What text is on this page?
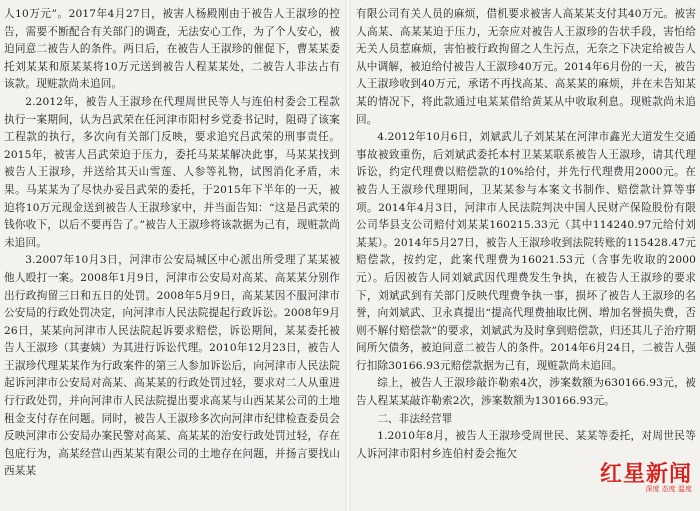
人10万元”。2017年4月27日，被害人杨殿刚由于被告人王淑珍的控告，需要不断配合有关部门的调查，无法安心工作，为了个人安心，被迫同意二被告人的条件。两日后，在被告人王淑珍的催促下，曹某某委托刘某某和原某某将10万元送到被告人程某某处，二被告人非法占有该款。现赃款尚未追回。

2.2012年，被告人王淑珍在代理周世民等人与连伯村委会工程款执行一案期间，认为吕武荣在任河津市阳村乡党委书记时，阻碍了该案工程款的执行，多次向有关部门反映，要求追究吕武荣的刑事责任。2015年，被害人吕武荣迫于压力，委托马某某解决此事，马某某找到被告人王淑珍，并送给其天山雪莲、人参等礼物，试图消化矛盾，未果。马某某为了尽快办妥吕武荣的委托，于2015年下半年的一天，被迫将10万元现金送到被告人王淑珍家中，并当面告知：“这是吕武荣的钱你收下，以后不要再告了。”被告人王淑珍将该款据为己有，现赃款尚未追回。

3.2007年10月3日，河津市公安局城区中心派出所受理了某某被他人殴打一案。2008年1月9日，河津市公安局对高某、高某某分别作出行政拘留三日和五日的处罚。2008年5月9日，高某某因不服河津市公安局的行政处罚决定，向河津市人民法院提起行政诉讼。2008年9月26日，某某向河津市人民法院起诉要求赔偿，诉讼期间，某某委托被告人王淑珍（其妻姨）为其进行诉讼代理。2010年12月23日，被告人王淑珍代理某某作为行政案件的第三人参加诉讼后，向河津市人民法院起诉河津市公安局对高某、高某某的行政处罚过轻，要求对二人从重进行行政处罚，并向河津市人民法院提出要求高某与山西某某公司的土地租金支付存在问题。同时，被告人王淑珍多次向河津市纪律检查委员会反映河津市公安局办案民警对高某、高某某的治安行政处罚过轻，存在包庇行为，高某经营山西某某有限公司的土地存在问题，并扬言要找山西某某

有限公司有关人员的麻烦，借机要求被害人高某某支付其40万元。被害人高某、高某某迫于压力，无奈应对被告人王淑珍的告状手段，害怕给无关人员惹麻烦，害怕被行政拘留之人生污点，无奈之下决定给被告人从中调解，被迫给付被告人王淑珍40万元。2014年6月份的一天，被告人王淑珍收到40万元，承诺不再找高某、高某某的麻烦，并在未告知某某的情况下，将此款通过电某某借给黄某从中收取利息。现赃款尚未追回。

4.2012年10月6日，刘斌武儿子刘某某在河津市鑫光大道发生交通事故被致重伤，后刘斌武委托本村卫某某联系被告人王淑珍，请其代理诉讼，约定代理费以赔偿款的10%给付，并先行代理费用2000元。在被告人王淑珍代理期间，卫某某参与本案文书制作、赔偿款计算等事项。2014年4月3日，河津市人民法院判决中国人民财产保险股份有限公司华县支公司赔付刘某某160215.33元（其中114240.97元给付刘某某）。2014年5月27日，被告人王淑珍收到法院转账的115428.47元赔偿款，按约定，此案代理费为16021.53元（含事先收取的2000元）。后因被告人同刘斌武因代理费发生争执，在被告人王淑珍的要求下，刘斌武到有关部门反映代理费争执一事，损坏了被告人王淑珍的名誉，向刘斌武、卫永真提出“提高代理费抽取比例、增加名誉损失费，否则不解付赔偿款”的要求，刘斌武为及时拿到赔偿款，归还其儿子治疗期间所欠债务，被迫同意二被告人的条件。2014年6月24日，二被告人强行扣除30166.93元赔偿款据为己有，现赃款尚未追回。

综上，被告人王淑珍敲诈勒索4次，涉案数额为630166.93元，被告人程某某敲诈勒索2次，涉案数额为130166.93元。

二、非法经营罪

1.2010年8月，被告人王淑珍受周世民、某某等委托，对周世民等人诉河津市阳村乡连伯村委会拖欠

红星新闻
深度 态度 温度
